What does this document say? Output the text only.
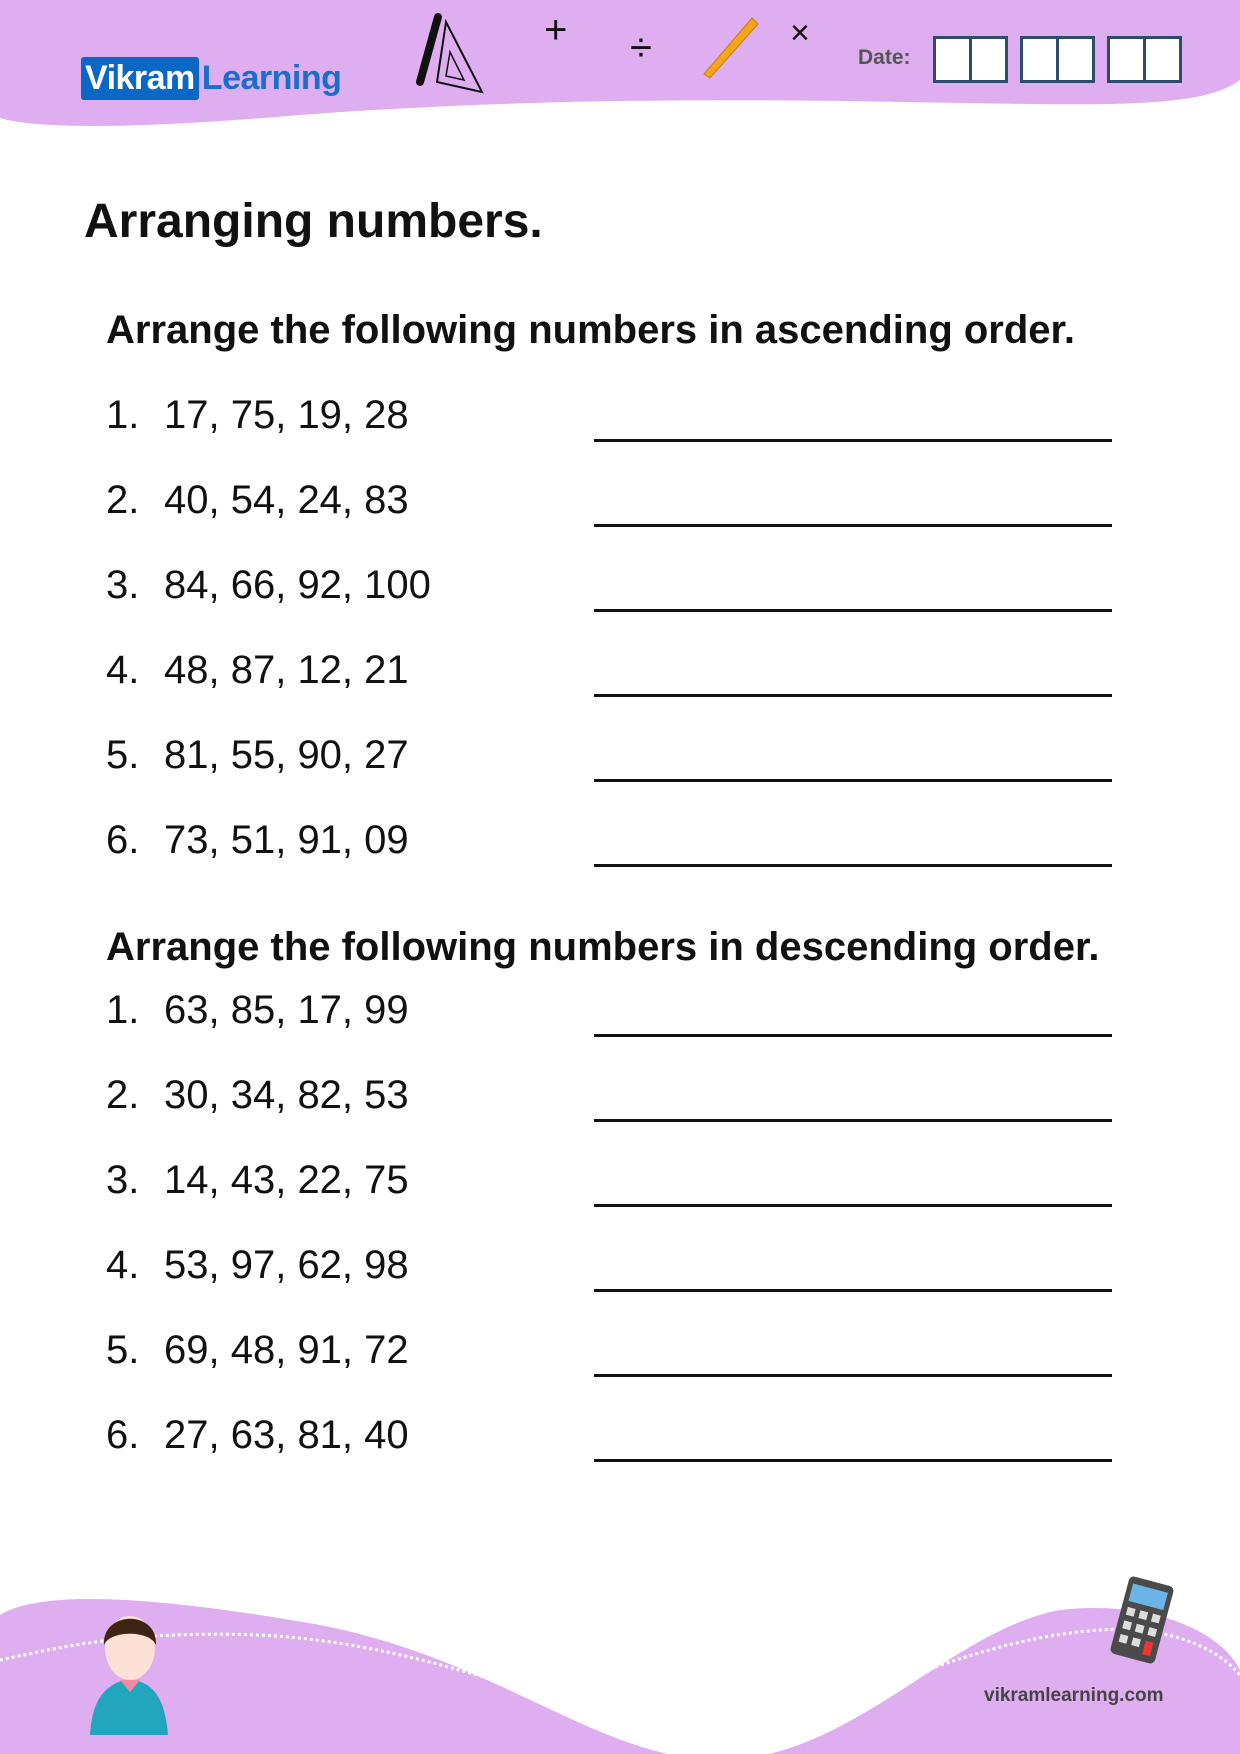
Vikram Learning
+ ÷	×
Date:
Arranging numbers.
Arrange the following numbers in ascending order.
1. 17, 75, 19, 28
2. 40, 54, 24, 83
3. 84, 66, 92, 100
4. 48, 87, 12, 21
5. 81, 55, 90, 27
6. 73, 51, 91, 09
Arrange the following numbers in descending order.
1. 63, 85, 17, 99
2. 30, 34, 82, 53
3. 14, 43, 22, 75
4. 53, 97, 62, 98
5. 69, 48, 91, 72
6. 27, 63, 81, 40
vikramlearning.com
